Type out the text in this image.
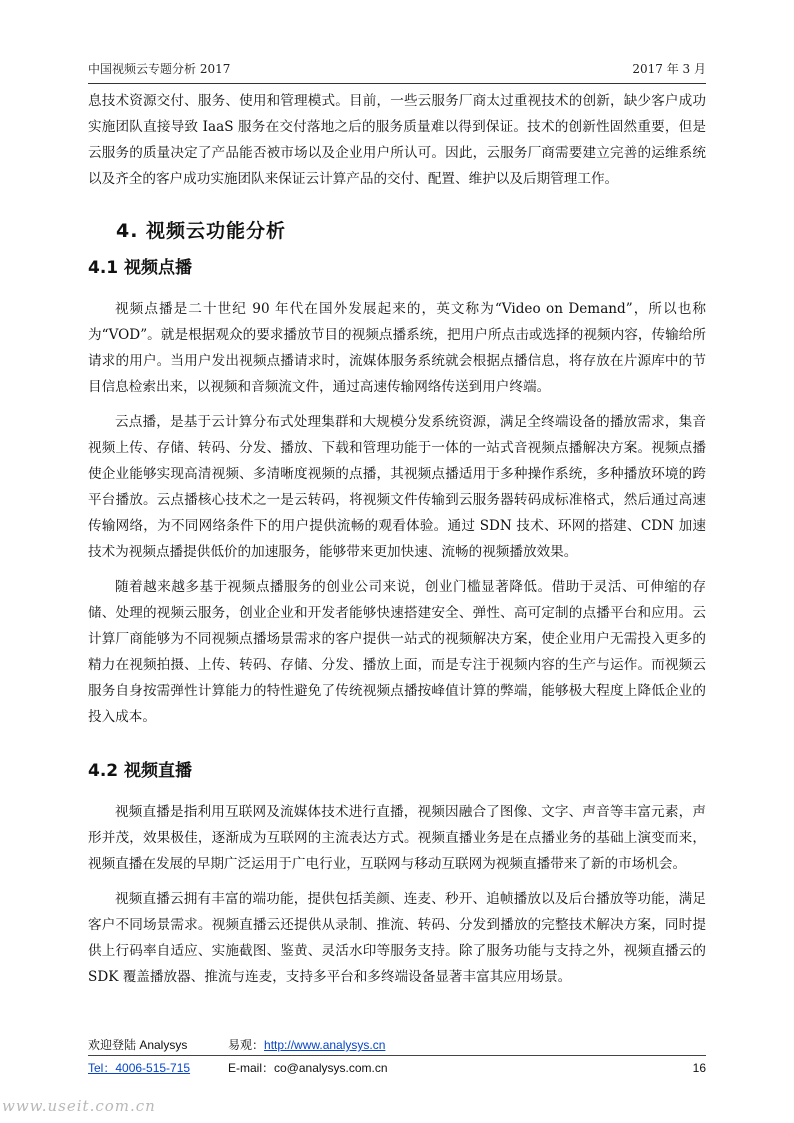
中国视频云专题分析 2017	2017 年 3 月

息技术资源交付、服务、使用和管理模式。目前，一些云服务厂商太过重视技术的创新，缺少客户成功实施团队直接导致 IaaS 服务在交付落地之后的服务质量难以得到保证。技术的创新性固然重要，但是云服务的质量决定了产品能否被市场以及企业用户所认可。因此，云服务厂商需要建立完善的运维系统以及齐全的客户成功实施团队来保证云计算产品的交付、配置、维护以及后期管理工作。

4. 视频云功能分析
4.1 视频点播

视频点播是二十世纪 90 年代在国外发展起来的，英文称为“Video on Demand”，所以也称为“VOD”。就是根据观众的要求播放节目的视频点播系统，把用户所点击或选择的视频内容，传输给所请求的用户。当用户发出视频点播请求时，流媒体服务系统就会根据点播信息，将存放在片源库中的节目信息检索出来，以视频和音频流文件，通过高速传输网络传送到用户终端。

云点播，是基于云计算分布式处理集群和大规模分发系统资源，满足全终端设备的播放需求，集音视频上传、存储、转码、分发、播放、下载和管理功能于一体的一站式音视频点播解决方案。视频点播使企业能够实现高清视频、多清晰度视频的点播，其视频点播适用于多种操作系统，多种播放环境的跨平台播放。云点播核心技术之一是云转码，将视频文件传输到云服务器转码成标准格式，然后通过高速传输网络，为不同网络条件下的用户提供流畅的观看体验。通过 SDN 技术、环网的搭建、CDN 加速技术为视频点播提供低价的加速服务，能够带来更加快速、流畅的视频播放效果。

随着越来越多基于视频点播服务的创业公司来说，创业门槛显著降低。借助于灵活、可伸缩的存储、处理的视频云服务，创业企业和开发者能够快速搭建安全、弹性、高可定制的点播平台和应用。云计算厂商能够为不同视频点播场景需求的客户提供一站式的视频解决方案，使企业用户无需投入更多的精力在视频拍摄、上传、转码、存储、分发、播放上面，而是专注于视频内容的生产与运作。而视频云服务自身按需弹性计算能力的特性避免了传统视频点播按峰值计算的弊端，能够极大程度上降低企业的投入成本。

4.2 视频直播

视频直播是指利用互联网及流媒体技术进行直播，视频因融合了图像、文字、声音等丰富元素，声形并茂，效果极佳，逐渐成为互联网的主流表达方式。视频直播业务是在点播业务的基础上演变而来，视频直播在发展的早期广泛运用于广电行业，互联网与移动互联网为视频直播带来了新的市场机会。

视频直播云拥有丰富的端功能，提供包括美颜、连麦、秒开、追帧播放以及后台播放等功能，满足客户不同场景需求。视频直播云还提供从录制、推流、转码、分发到播放的完整技术解决方案，同时提供上行码率自适应、实施截图、鉴黄、灵活水印等服务支持。除了服务功能与支持之外，视频直播云的 SDK 覆盖播放器、推流与连麦，支持多平台和多终端设备显著丰富其应用场景。

欢迎登陆 Analysys	易观：http://www.analysys.cn
Tel：4006-515-715	E-mail：co@analysys.com.cn	16
www.useit.com.cn
